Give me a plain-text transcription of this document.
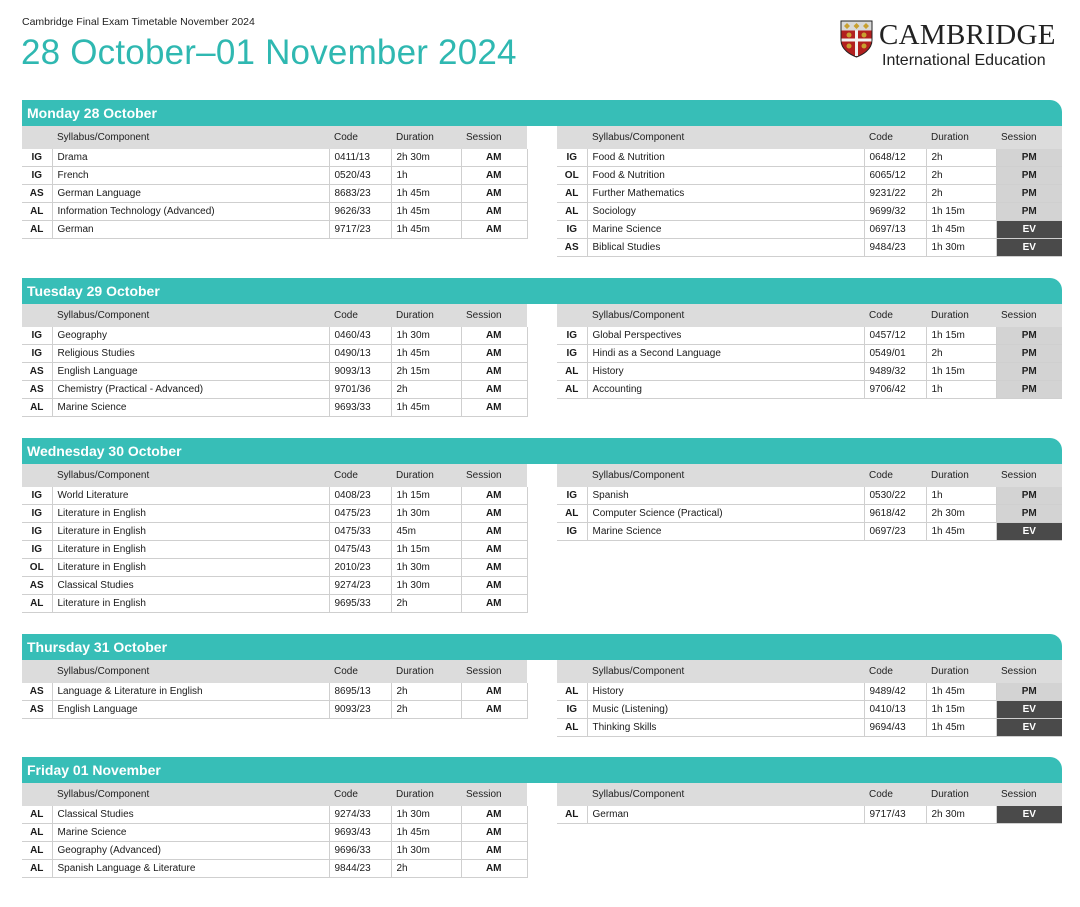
Cambridge Final Exam Timetable November 2024
28 October–01 November 2024	CAMBRIDGE
International Education
Monday 28 October
	Syllabus/Component	Code	Duration	Session
IG	Drama	0411/13	2h 30m	AM
IG	French	0520/43	1h	AM
AS	German Language	8683/23	1h 45m	AM
AL	Information Technology (Advanced)	9626/33	1h 45m	AM
AL	German	9717/23	1h 45m	AM
	Syllabus/Component	Code	Duration	Session
IG	Food & Nutrition	0648/12	2h	PM
OL	Food & Nutrition	6065/12	2h	PM
AL	Further Mathematics	9231/22	2h	PM
AL	Sociology	9699/32	1h 15m	PM
IG	Marine Science	0697/13	1h 45m	EV
AS	Biblical Studies	9484/23	1h 30m	EV
Tuesday 29 October
	Syllabus/Component	Code	Duration	Session
IG	Geography	0460/43	1h 30m	AM
IG	Religious Studies	0490/13	1h 45m	AM
AS	English Language	9093/13	2h 15m	AM
AS	Chemistry (Practical - Advanced)	9701/36	2h	AM
AL	Marine Science	9693/33	1h 45m	AM
	Syllabus/Component	Code	Duration	Session
IG	Global Perspectives	0457/12	1h 15m	PM
IG	Hindi as a Second Language	0549/01	2h	PM
AL	History	9489/32	1h 15m	PM
AL	Accounting	9706/42	1h	PM
Wednesday 30 October
	Syllabus/Component	Code	Duration	Session
IG	World Literature	0408/23	1h 15m	AM
IG	Literature in English	0475/23	1h 30m	AM
IG	Literature in English	0475/33	45m	AM
IG	Literature in English	0475/43	1h 15m	AM
OL	Literature in English	2010/23	1h 30m	AM
AS	Classical Studies	9274/23	1h 30m	AM
AL	Literature in English	9695/33	2h	AM
	Syllabus/Component	Code	Duration	Session
IG	Spanish	0530/22	1h	PM
AL	Computer Science (Practical)	9618/42	2h 30m	PM
IG	Marine Science	0697/23	1h 45m	EV
Thursday 31 October
	Syllabus/Component	Code	Duration	Session
AS	Language & Literature in English	8695/13	2h	AM
AS	English Language	9093/23	2h	AM
	Syllabus/Component	Code	Duration	Session
AL	History	9489/42	1h 45m	PM
IG	Music (Listening)	0410/13	1h 15m	EV
AL	Thinking Skills	9694/43	1h 45m	EV
Friday 01 November
	Syllabus/Component	Code	Duration	Session
AL	Classical Studies	9274/33	1h 30m	AM
AL	Marine Science	9693/43	1h 45m	AM
AL	Geography (Advanced)	9696/33	1h 30m	AM
AL	Spanish Language & Literature	9844/23	2h	AM
	Syllabus/Component	Code	Duration	Session
AL	German	9717/43	2h 30m	EV
